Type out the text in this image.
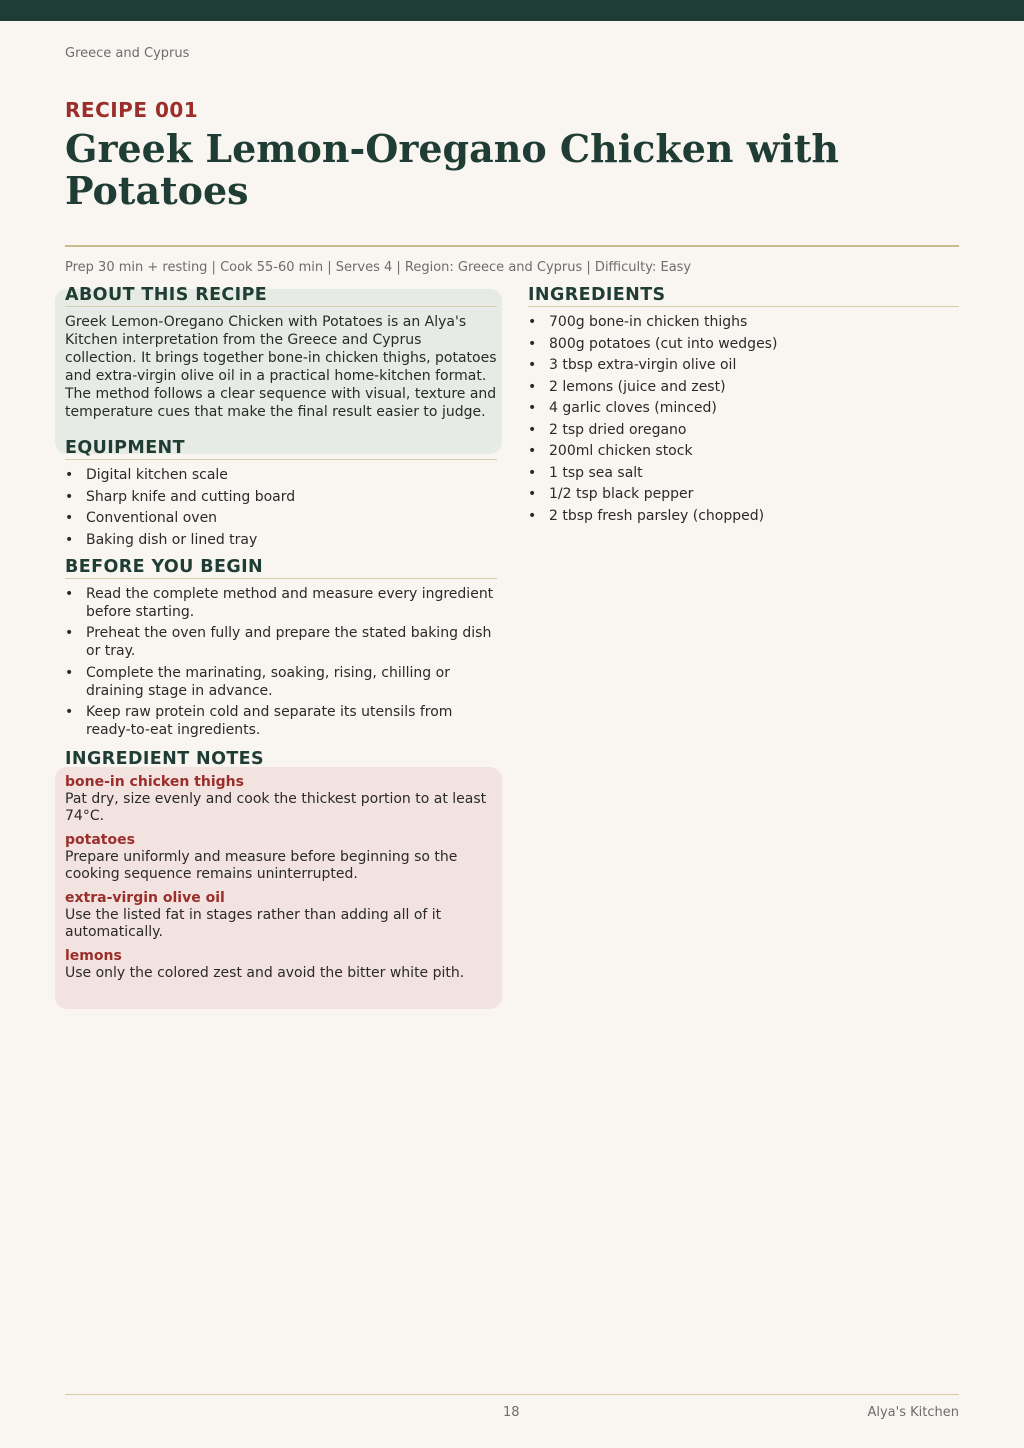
Greece and Cyprus
RECIPE 001
Greek Lemon-Oregano Chicken with Potatoes
Prep 30 min + resting | Cook 55-60 min | Serves 4 | Region: Greece and Cyprus | Difficulty: Easy
ABOUT THIS RECIPE

Greek Lemon-Oregano Chicken with Potatoes is an Alya's Kitchen interpretation from the Greece and Cyprus collection. It brings together bone-in chicken thighs, potatoes and extra-virgin olive oil in a practical home-kitchen format. The method follows a clear sequence with visual, texture and temperature cues that make the final result easier to judge.

EQUIPMENT
• Digital kitchen scale
• Sharp knife and cutting board
• Conventional oven
• Baking dish or lined tray
BEFORE YOU BEGIN
• Read the complete method and measure every ingredient before starting.
• Preheat the oven fully and prepare the stated baking dish or tray.
• Complete the marinating, soaking, rising, chilling or draining stage in advance.
• Keep raw protein cold and separate its utensils from ready-to-eat ingredients.
INGREDIENT NOTES
bone-in chicken thighs
Pat dry, size evenly and cook the thickest portion to at least 74°C.
potatoes
Prepare uniformly and measure before beginning so the cooking sequence remains uninterrupted.
extra-virgin olive oil
Use the listed fat in stages rather than adding all of it automatically.
lemons
Use only the colored zest and avoid the bitter white pith.
INGREDIENTS
• 700g bone-in chicken thighs
• 800g potatoes (cut into wedges)
• 3 tbsp extra-virgin olive oil
• 2 lemons (juice and zest)
• 4 garlic cloves (minced)
• 2 tsp dried oregano
• 200ml chicken stock
• 1 tsp sea salt
• 1/2 tsp black pepper
• 2 tbsp fresh parsley (chopped)
18	Alya's Kitchen
